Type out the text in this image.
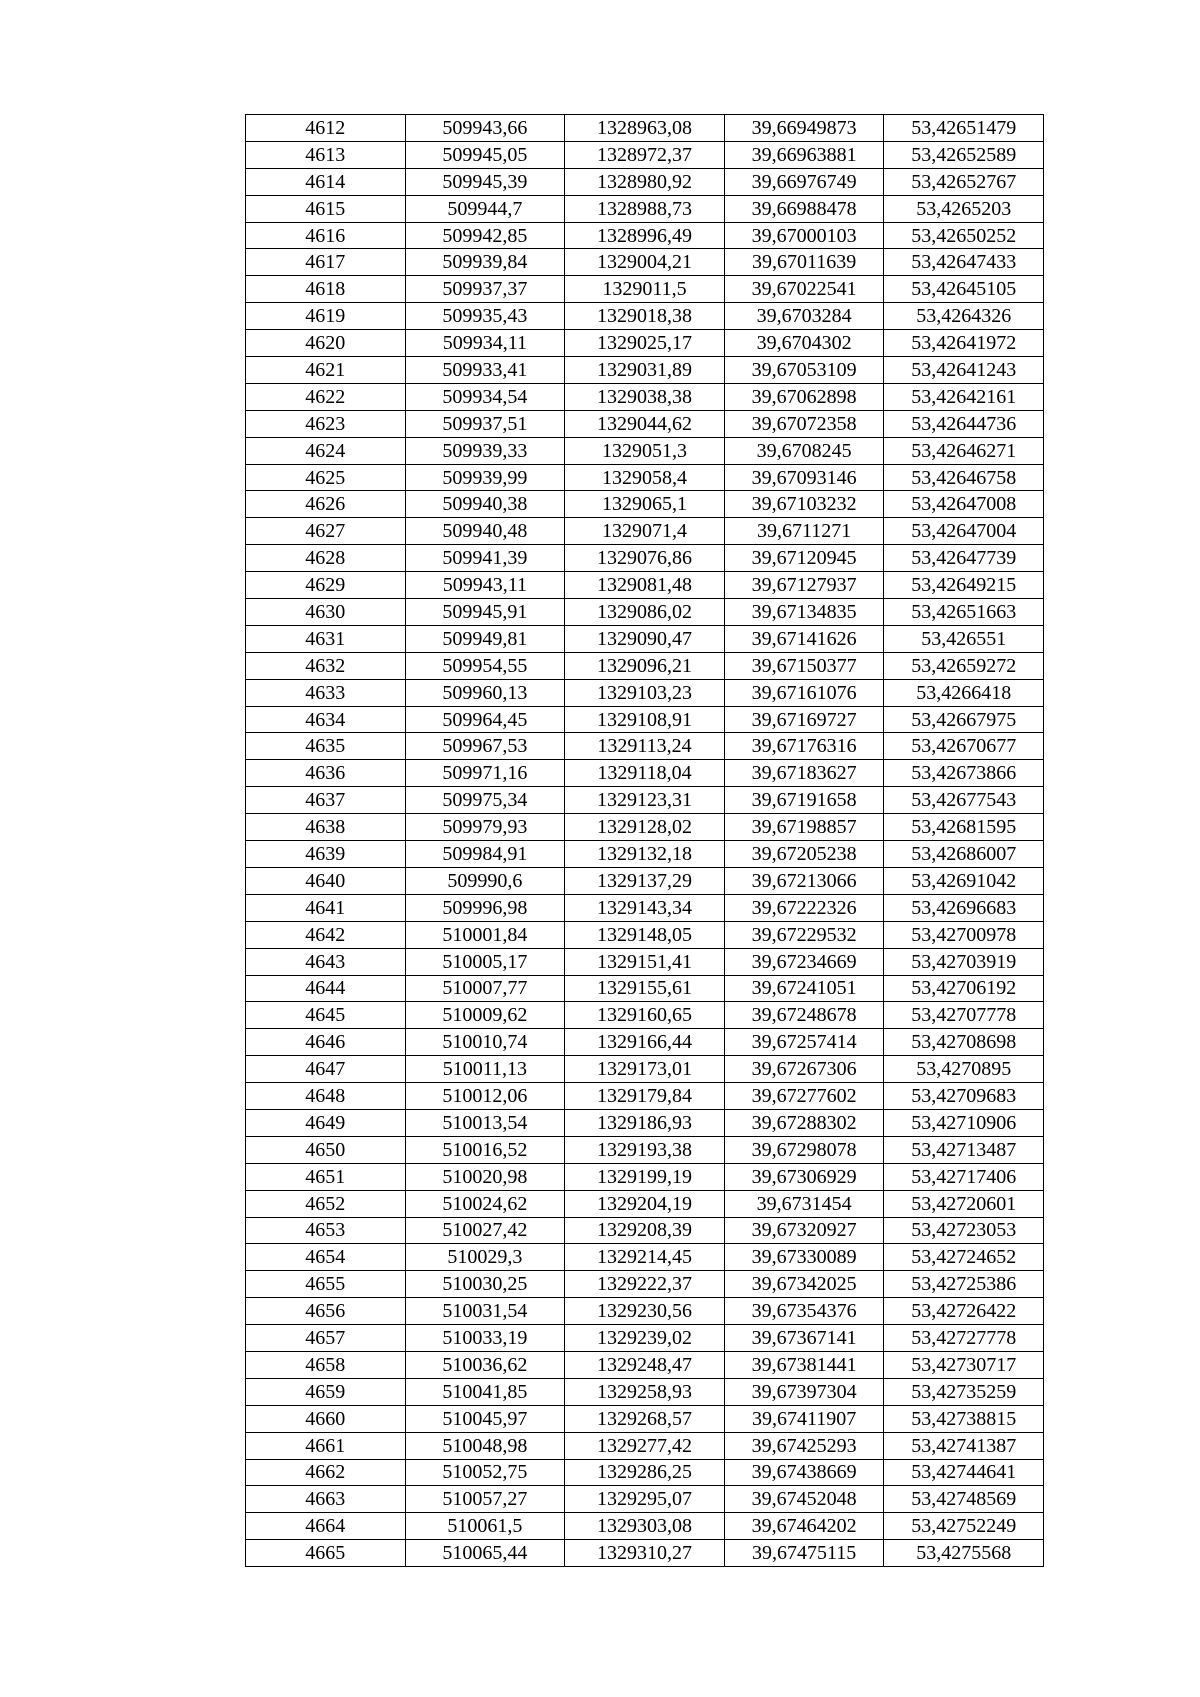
4612	509943,66	1328963,08	39,66949873	53,42651479
4613	509945,05	1328972,37	39,66963881	53,42652589
4614	509945,39	1328980,92	39,66976749	53,42652767
4615	509944,7	1328988,73	39,66988478	53,4265203
4616	509942,85	1328996,49	39,67000103	53,42650252
4617	509939,84	1329004,21	39,67011639	53,42647433
4618	509937,37	1329011,5	39,67022541	53,42645105
4619	509935,43	1329018,38	39,6703284	53,4264326
4620	509934,11	1329025,17	39,6704302	53,42641972
4621	509933,41	1329031,89	39,67053109	53,42641243
4622	509934,54	1329038,38	39,67062898	53,42642161
4623	509937,51	1329044,62	39,67072358	53,42644736
4624	509939,33	1329051,3	39,6708245	53,42646271
4625	509939,99	1329058,4	39,67093146	53,42646758
4626	509940,38	1329065,1	39,67103232	53,42647008
4627	509940,48	1329071,4	39,6711271	53,42647004
4628	509941,39	1329076,86	39,67120945	53,42647739
4629	509943,11	1329081,48	39,67127937	53,42649215
4630	509945,91	1329086,02	39,67134835	53,42651663
4631	509949,81	1329090,47	39,67141626	53,426551
4632	509954,55	1329096,21	39,67150377	53,42659272
4633	509960,13	1329103,23	39,67161076	53,4266418
4634	509964,45	1329108,91	39,67169727	53,42667975
4635	509967,53	1329113,24	39,67176316	53,42670677
4636	509971,16	1329118,04	39,67183627	53,42673866
4637	509975,34	1329123,31	39,67191658	53,42677543
4638	509979,93	1329128,02	39,67198857	53,42681595
4639	509984,91	1329132,18	39,67205238	53,42686007
4640	509990,6	1329137,29	39,67213066	53,42691042
4641	509996,98	1329143,34	39,67222326	53,42696683
4642	510001,84	1329148,05	39,67229532	53,42700978
4643	510005,17	1329151,41	39,67234669	53,42703919
4644	510007,77	1329155,61	39,67241051	53,42706192
4645	510009,62	1329160,65	39,67248678	53,42707778
4646	510010,74	1329166,44	39,67257414	53,42708698
4647	510011,13	1329173,01	39,67267306	53,4270895
4648	510012,06	1329179,84	39,67277602	53,42709683
4649	510013,54	1329186,93	39,67288302	53,42710906
4650	510016,52	1329193,38	39,67298078	53,42713487
4651	510020,98	1329199,19	39,67306929	53,42717406
4652	510024,62	1329204,19	39,6731454	53,42720601
4653	510027,42	1329208,39	39,67320927	53,42723053
4654	510029,3	1329214,45	39,67330089	53,42724652
4655	510030,25	1329222,37	39,67342025	53,42725386
4656	510031,54	1329230,56	39,67354376	53,42726422
4657	510033,19	1329239,02	39,67367141	53,42727778
4658	510036,62	1329248,47	39,67381441	53,42730717
4659	510041,85	1329258,93	39,67397304	53,42735259
4660	510045,97	1329268,57	39,67411907	53,42738815
4661	510048,98	1329277,42	39,67425293	53,42741387
4662	510052,75	1329286,25	39,67438669	53,42744641
4663	510057,27	1329295,07	39,67452048	53,42748569
4664	510061,5	1329303,08	39,67464202	53,42752249
4665	510065,44	1329310,27	39,67475115	53,4275568
